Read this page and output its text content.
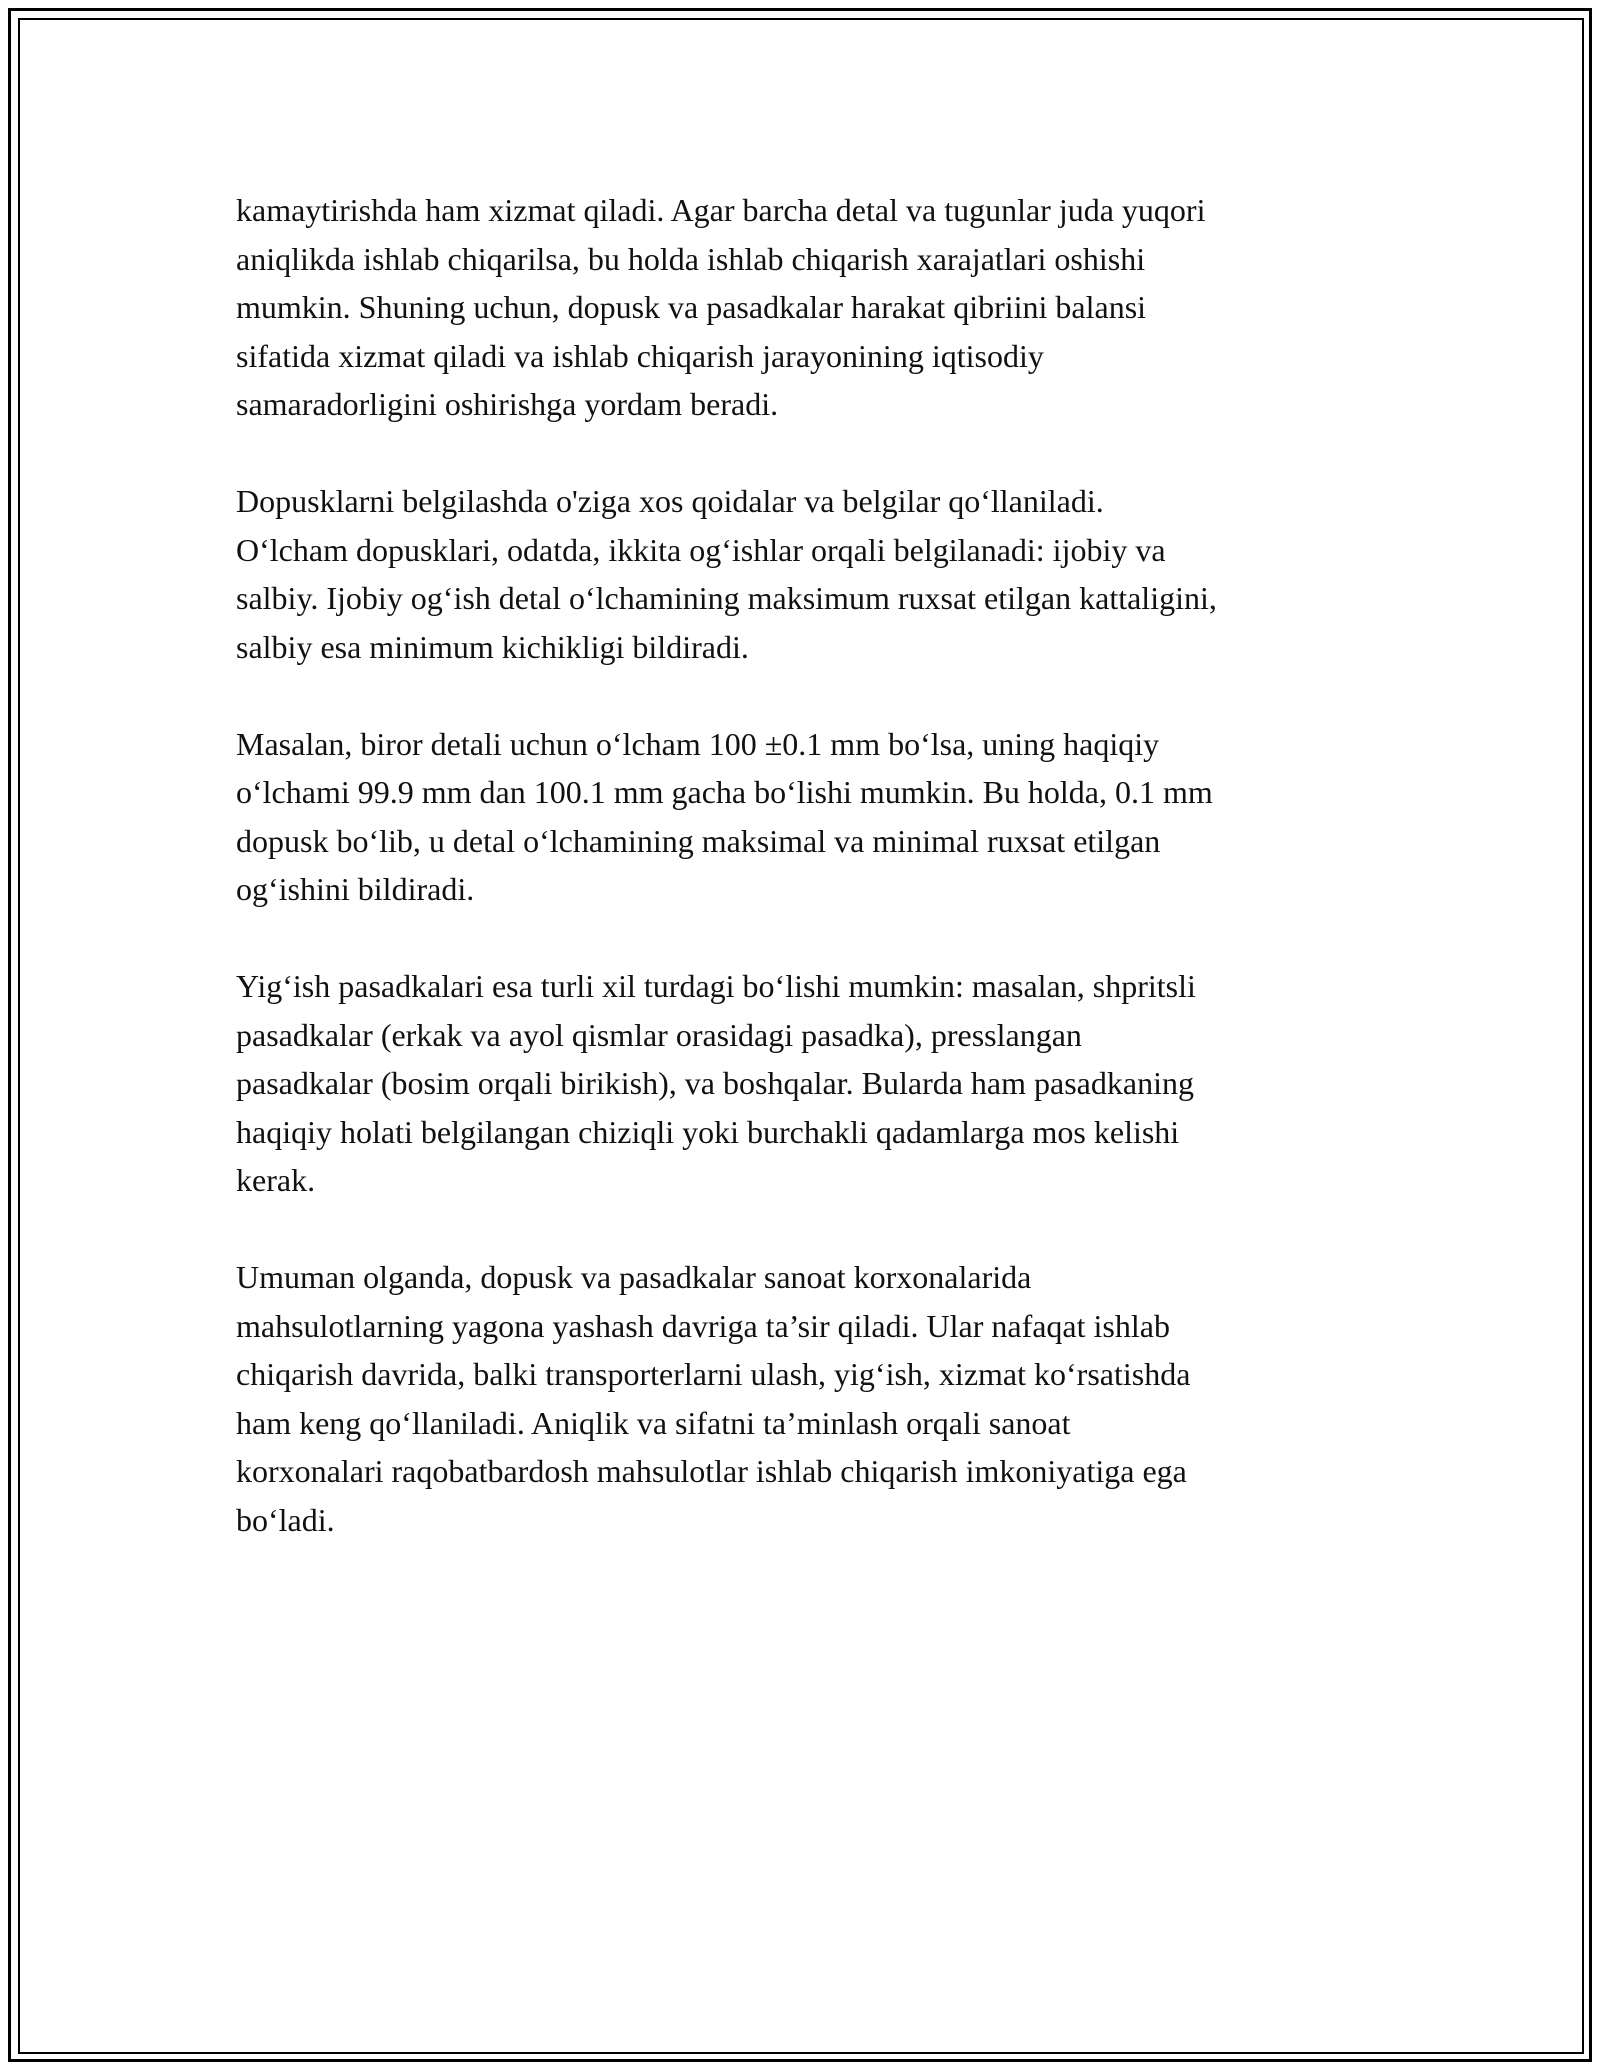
kamaytirishda ham xizmat qiladi. Agar barcha detal va tugunlar juda yuqori
aniqlikda ishlab chiqarilsa, bu holda ishlab chiqarish xarajatlari oshishi
mumkin. Shuning uchun, dopusk va pasadkalar harakat qibriini balansi
sifatida xizmat qiladi va ishlab chiqarish jarayonining iqtisodiy
samaradorligini oshirishga yordam beradi.

Dopusklarni belgilashda o'ziga xos qoidalar va belgilar qo‘llaniladi.
O‘lcham dopusklari, odatda, ikkita og‘ishlar orqali belgilanadi: ijobiy va
salbiy. Ijobiy og‘ish detal o‘lchamining maksimum ruxsat etilgan kattaligini,
salbiy esa minimum kichikligi bildiradi.

Masalan, biror detali uchun o‘lcham 100 ±0.1 mm bo‘lsa, uning haqiqiy
o‘lchami 99.9 mm dan 100.1 mm gacha bo‘lishi mumkin. Bu holda, 0.1 mm
dopusk bo‘lib, u detal o‘lchamining maksimal va minimal ruxsat etilgan
og‘ishini bildiradi.

Yig‘ish pasadkalari esa turli xil turdagi bo‘lishi mumkin: masalan, shpritsli
pasadkalar (erkak va ayol qismlar orasidagi pasadka), presslangan
pasadkalar (bosim orqali birikish), va boshqalar. Bularda ham pasadkaning
haqiqiy holati belgilangan chiziqli yoki burchakli qadamlarga mos kelishi
kerak.

Umuman olganda, dopusk va pasadkalar sanoat korxonalarida
mahsulotlarning yagona yashash davriga ta’sir qiladi. Ular nafaqat ishlab
chiqarish davrida, balki transporterlarni ulash, yig‘ish, xizmat ko‘rsatishda
ham keng qo‘llaniladi. Aniqlik va sifatni ta’minlash orqali sanoat
korxonalari raqobatbardosh mahsulotlar ishlab chiqarish imkoniyatiga ega
bo‘ladi.
